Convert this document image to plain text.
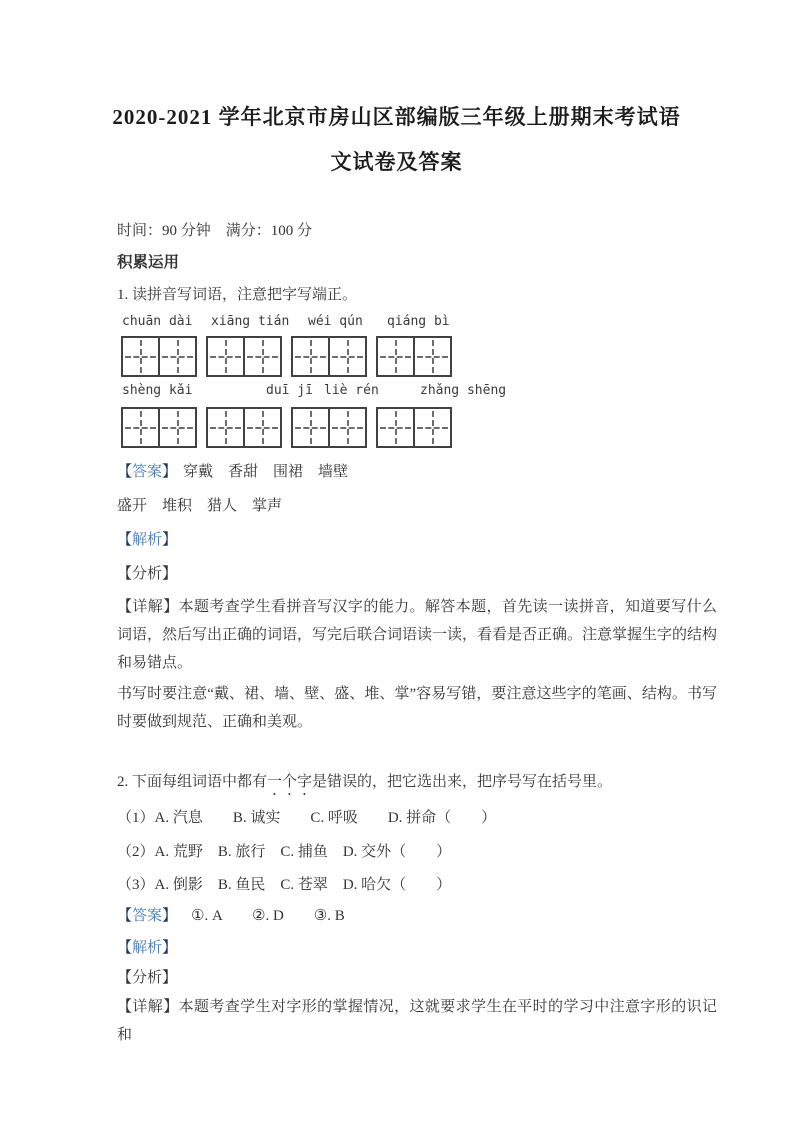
2020-2021 学年北京市房山区部编版三年级上册期末考试语
文试卷及答案
时间：90 分钟　满分：100 分
积累运用
1. 读拼音写词语，注意把字写端正。
chuān dài xiāng tián wéi qún qiáng bì
shèng kǎi	duī jī liè rén	zhǎng shēng
【答案】 穿戴　香甜　围裙　墙壁
盛开　堆积　猎人　掌声
【解析】
【分析】
【详解】本题考查学生看拼音写汉字的能力。解答本题，首先读一读拼音，知道要写什么词语，然后写出正确的词语，写完后联合词语读一读，看看是否正确。注意掌握生字的结构和易错点。
书写时要注意“戴、裙、墙、壁、盛、堆、掌”容易写错，要注意这些字的笔画、结构。书写时要做到规范、正确和美观。
2. 下面每组词语中都有一个字是错误的，把它选出来，把序号写在括号里。
（1）A. 汽息　　B. 诚实　　C. 呼吸　　D. 拼命（　　）
（2）A. 荒野　B. 旅行　C. 捕鱼　D. 交外（　　）
（3）A. 倒影　B. 鱼民　C. 苍翠　D. 哈欠（　　）
【答案】 ①. A　　②. D　　③. B
【解析】
【分析】
【详解】本题考查学生对字形的掌握情况，这就要求学生在平时的学习中注意字形的识记和
